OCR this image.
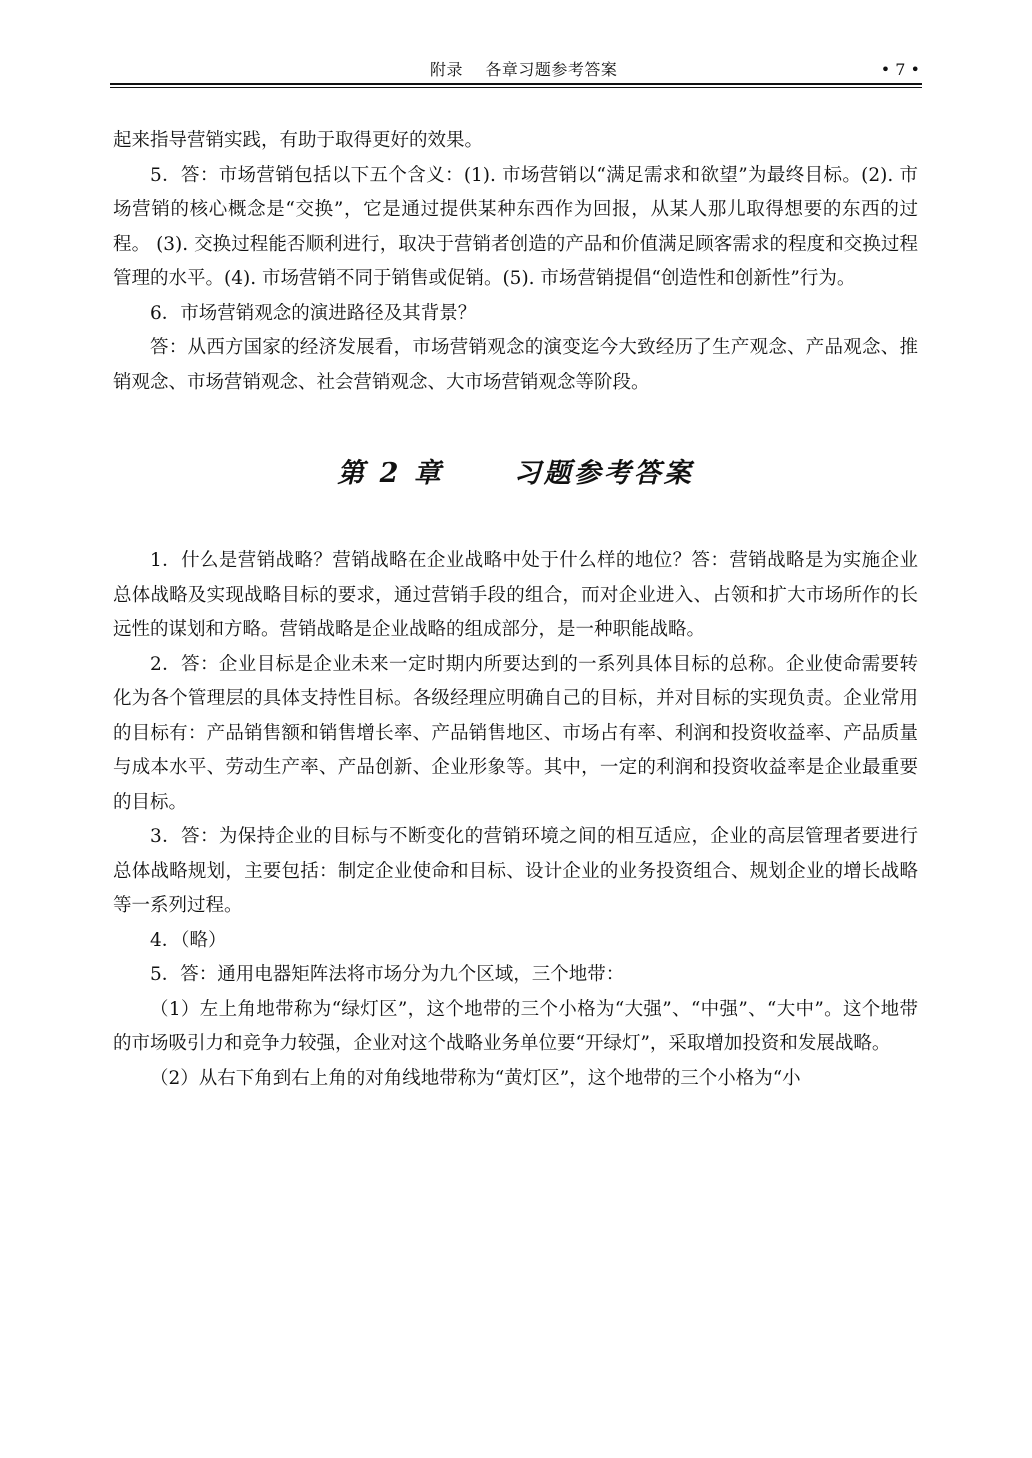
附录    各章习题参考答案	• 7 •

起来指导营销实践，有助于取得更好的效果。

5．答：市场营销包括以下五个含义：(1). 市场营销以“满足需求和欲望”为最终目标。(2). 市场营销的核心概念是“交换”，它是通过提供某种东西作为回报，从某人那儿取得想要的东西的过程。 (3). 交换过程能否顺利进行，取决于营销者创造的产品和价值满足顾客需求的程度和交换过程管理的水平。(4). 市场营销不同于销售或促销。(5). 市场营销提倡“创造性和创新性”行为。

6．市场营销观念的演进路径及其背景？

答：从西方国家的经济发展看，市场营销观念的演变迄今大致经历了生产观念、产品观念、推销观念、市场营销观念、社会营销观念、大市场营销观念等阶段。

第 2 章	习题参考答案

1．什么是营销战略？营销战略在企业战略中处于什么样的地位？答：营销战略是为实施企业总体战略及实现战略目标的要求，通过营销手段的组合，而对企业进入、占领和扩大市场所作的长远性的谋划和方略。营销战略是企业战略的组成部分，是一种职能战略。

2．答：企业目标是企业未来一定时期内所要达到的一系列具体目标的总称。企业使命需要转化为各个管理层的具体支持性目标。各级经理应明确自己的目标，并对目标的实现负责。企业常用的目标有：产品销售额和销售增长率、产品销售地区、市场占有率、利润和投资收益率、产品质量与成本水平、劳动生产率、产品创新、企业形象等。其中，一定的利润和投资收益率是企业最重要的目标。

3．答：为保持企业的目标与不断变化的营销环境之间的相互适应，企业的高层管理者要进行总体战略规划，主要包括：制定企业使命和目标、设计企业的业务投资组合、规划企业的增长战略等一系列过程。

4．（略）

5．答：通用电器矩阵法将市场分为九个区域，三个地带：

（1）左上角地带称为“绿灯区”，这个地带的三个小格为“大强”、“中强”、“大中”。这个地带的市场吸引力和竞争力较强，企业对这个战略业务单位要“开绿灯”，采取增加投资和发展战略。

（2）从右下角到右上角的对角线地带称为“黄灯区”，这个地带的三个小格为“小
